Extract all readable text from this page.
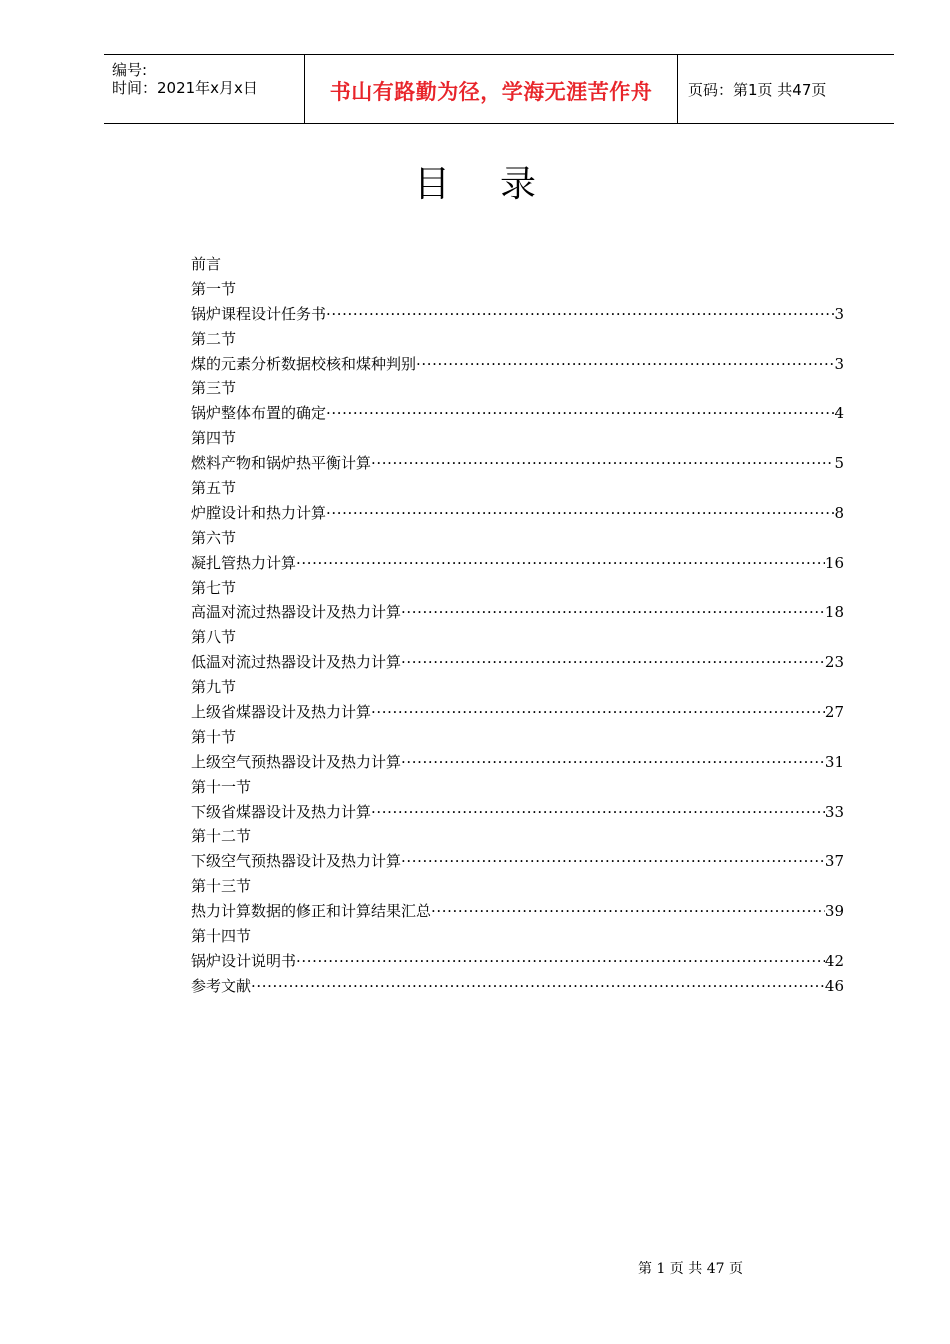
编号:
时间：2021年x月x日	书山有路勤为径，学海无涯苦作舟	页码：第1页 共47页
目录
前言
第一节
锅炉课程设计任务书 ·····	3
第二节
煤的元素分析数据校核和煤种判别 ·····	3
第三节
锅炉整体布置的确定 ·····	4
第四节
燃料产物和锅炉热平衡计算 ·····	5
第五节
炉膛设计和热力计算 ·····	8
第六节
凝扎管热力计算 ·····	16
第七节
高温对流过热器设计及热力计算 ·····	18
第八节
低温对流过热器设计及热力计算 ·····	23
第九节
上级省煤器设计及热力计算 ·····	27
第十节
上级空气预热器设计及热力计算 ·····	31
第十一节
下级省煤器设计及热力计算 ·····	33
第十二节
下级空气预热器设计及热力计算 ·····	37
第十三节
热力计算数据的修正和计算结果汇总 ·····	39
第十四节
锅炉设计说明书 ·····	42
参考文献 ·····	46
第 1 页 共 47 页
